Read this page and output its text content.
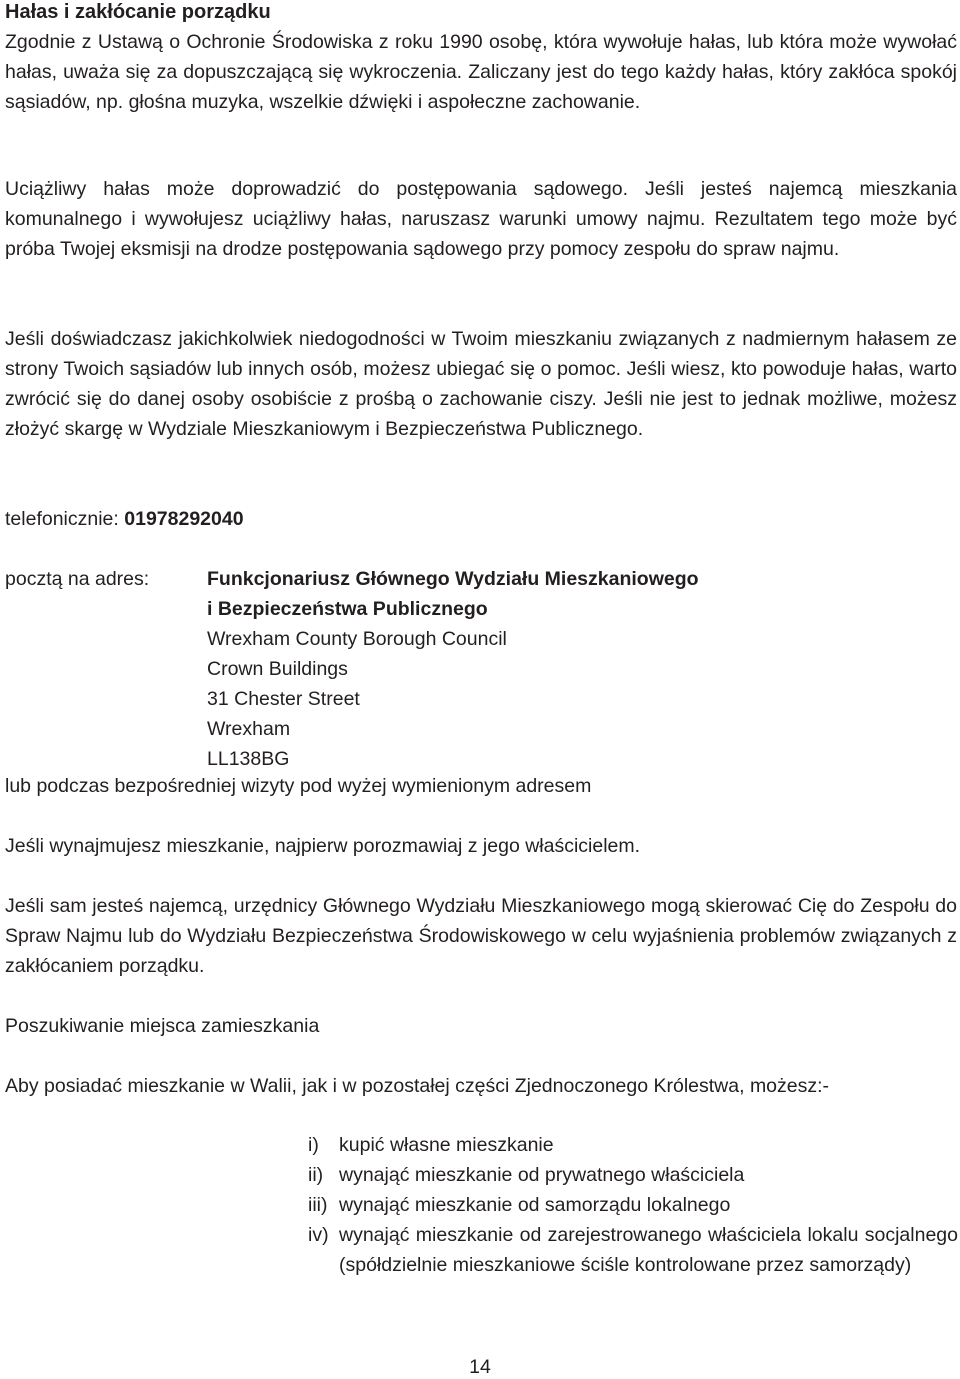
Hałas i zakłócanie porządku

Zgodnie z Ustawą o Ochronie Środowiska z roku 1990 osobę, która wywołuje hałas, lub która może wywołać hałas, uważa się za dopuszczającą się wykroczenia. Zaliczany jest do tego każdy hałas, który zakłóca spokój sąsiadów, np. głośna muzyka, wszelkie dźwięki i aspołeczne zachowanie.

Uciążliwy hałas może doprowadzić do postępowania sądowego. Jeśli jesteś najemcą mieszkania komunalnego i wywołujesz uciążliwy hałas, naruszasz warunki umowy najmu. Rezultatem tego może być próba Twojej eksmisji na drodze postępowania sądowego przy pomocy zespołu do spraw najmu.

Jeśli doświadczasz jakichkolwiek niedogodności w Twoim mieszkaniu związanych z nadmiernym hałasem ze strony Twoich sąsiadów lub innych osób, możesz ubiegać się o pomoc. Jeśli wiesz, kto powoduje hałas, warto zwrócić się do danej osoby osobiście z prośbą o zachowanie ciszy. Jeśli nie jest to jednak możliwe, możesz złożyć skargę w Wydziale Mieszkaniowym i Bezpieczeństwa Publicznego.

telefonicznie: 01978292040
pocztą na adres:	Funkcjonariusz Głównego Wydziału Mieszkaniowego
i Bezpieczeństwa Publicznego
Wrexham County Borough Council
Crown Buildings
31 Chester Street
Wrexham
LL138BG
lub podczas bezpośredniej wizyty pod wyżej wymienionym adresem
Jeśli wynajmujesz mieszkanie, najpierw porozmawiaj z jego właścicielem.

Jeśli sam jesteś najemcą, urzędnicy Głównego Wydziału Mieszkaniowego mogą skierować Cię do Zespołu do Spraw Najmu lub do Wydziału Bezpieczeństwa Środowiskowego w celu wyjaśnienia problemów związanych z zakłócaniem porządku.

Poszukiwanie miejsca zamieszkania
Aby posiadać mieszkanie w Walii, jak i w pozostałej części Zjednoczonego Królestwa, możesz:-
i) kupić własne mieszkanie
ii) wynająć mieszkanie od prywatnego właściciela
iii) wynająć mieszkanie od samorządu lokalnego
iv) wynająć mieszkanie od zarejestrowanego właściciela lokalu socjalnego (spółdzielnie mieszkaniowe ściśle kontrolowane przez samorządy)
14
